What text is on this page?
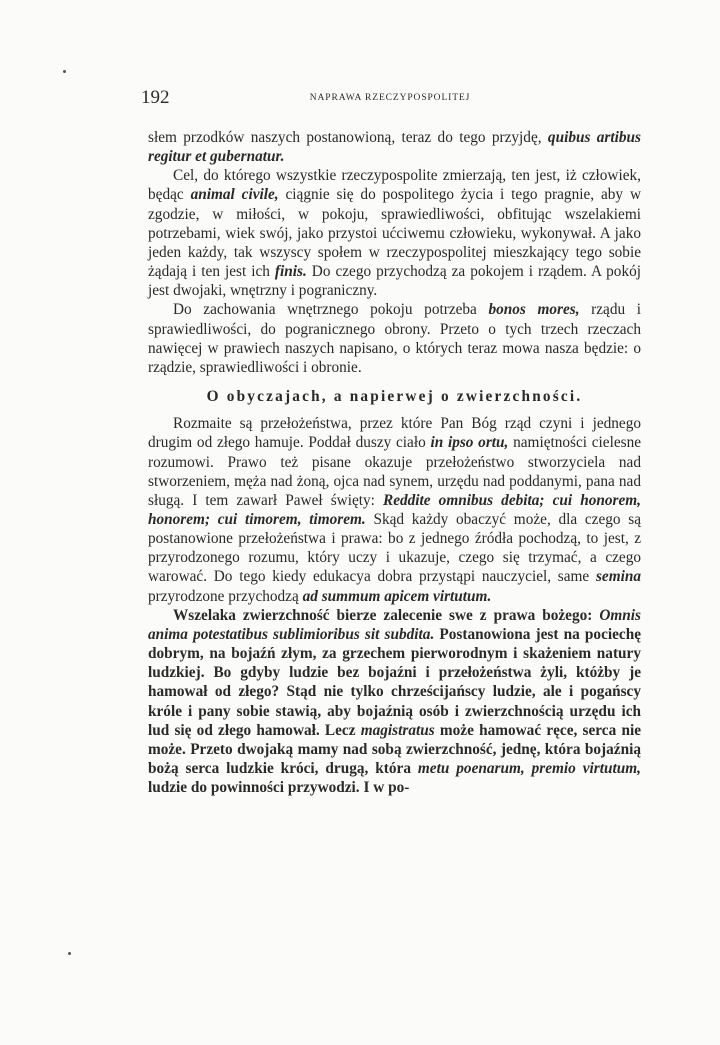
192	NAPRAWA RZECZYPOSPOLITEJ

słem przodków naszych postanowioną, teraz do tego przyjdę, quibus artibus regitur et gubernatur.

Cel, do którego wszystkie rzeczypospolite zmierzają, ten jest, iż człowiek, będąc animal civile, ciągnie się do pospolitego życia i tego pragnie, aby w zgodzie, w miłości, w pokoju, sprawiedliwości, obfitując wszelakiemi potrzebami, wiek swój, jako przystoi ućciwemu człowieku, wykonywał. A jako jeden każdy, tak wszyscy społem w rzeczypospolitej mieszkający tego sobie żądają i ten jest ich finis. Do czego przychodzą za pokojem i rządem. A pokój jest dwojaki, wnętrzny i pograniczny.

Do zachowania wnętrznego pokoju potrzeba bonos mores, rządu i sprawiedliwości, do pogranicznego obrony. Przeto o tych trzech rzeczach nawięcej w prawiech naszych napisano, o których teraz mowa nasza będzie: o rządzie, sprawiedliwości i obronie.

O obyczajach, a napierwej o zwierzchności.

Rozmaite są przełożeństwa, przez które Pan Bóg rząd czyni i jednego drugim od złego hamuje. Poddał duszy ciało in ipso ortu, namiętności cielesne rozumowi. Prawo też pisane okazuje przełożeństwo stworzyciela nad stworzeniem, męża nad żoną, ojca nad synem, urzędu nad poddanymi, pana nad sługą. I tem zawarł Paweł święty: Reddite omnibus debita; cui honorem, honorem; cui timorem, timorem. Skąd każdy obaczyć może, dla czego są postanowione przełożeństwa i prawa: bo z jednego źródła pochodzą, to jest, z przyrodzonego rozumu, który uczy i ukazuje, czego się trzymać, a czego warować. Do tego kiedy edukacya dobra przystąpi nauczyciel, same semina przyrodzone przychodzą ad summum apicem virtutum.

Wszelaka zwierzchność bierze zalecenie swe z prawa bożego: Omnis anima potestatibus sublimioribus sit subdita. Postanowiona jest na pociechę dobrym, na bojaźń złym, za grzechem pierworodnym i skażeniem natury ludzkiej. Bo gdyby ludzie bez bojaźni i przełożeństwa żyli, któżby je hamował od złego? Stąd nie tylko chrześcijańscy ludzie, ale i pogańscy króle i pany sobie stawią, aby bojaźnią osób i zwierzchnością urzędu ich lud się od złego hamował. Lecz magistratus może hamować ręce, serca nie może. Przeto dwojaką mamy nad sobą zwierzchność, jednę, która bojaźnią bożą serca ludzkie króci, drugą, która metu poenarum, premio virtutum, ludzie do powinności przywodzi. I w po-
